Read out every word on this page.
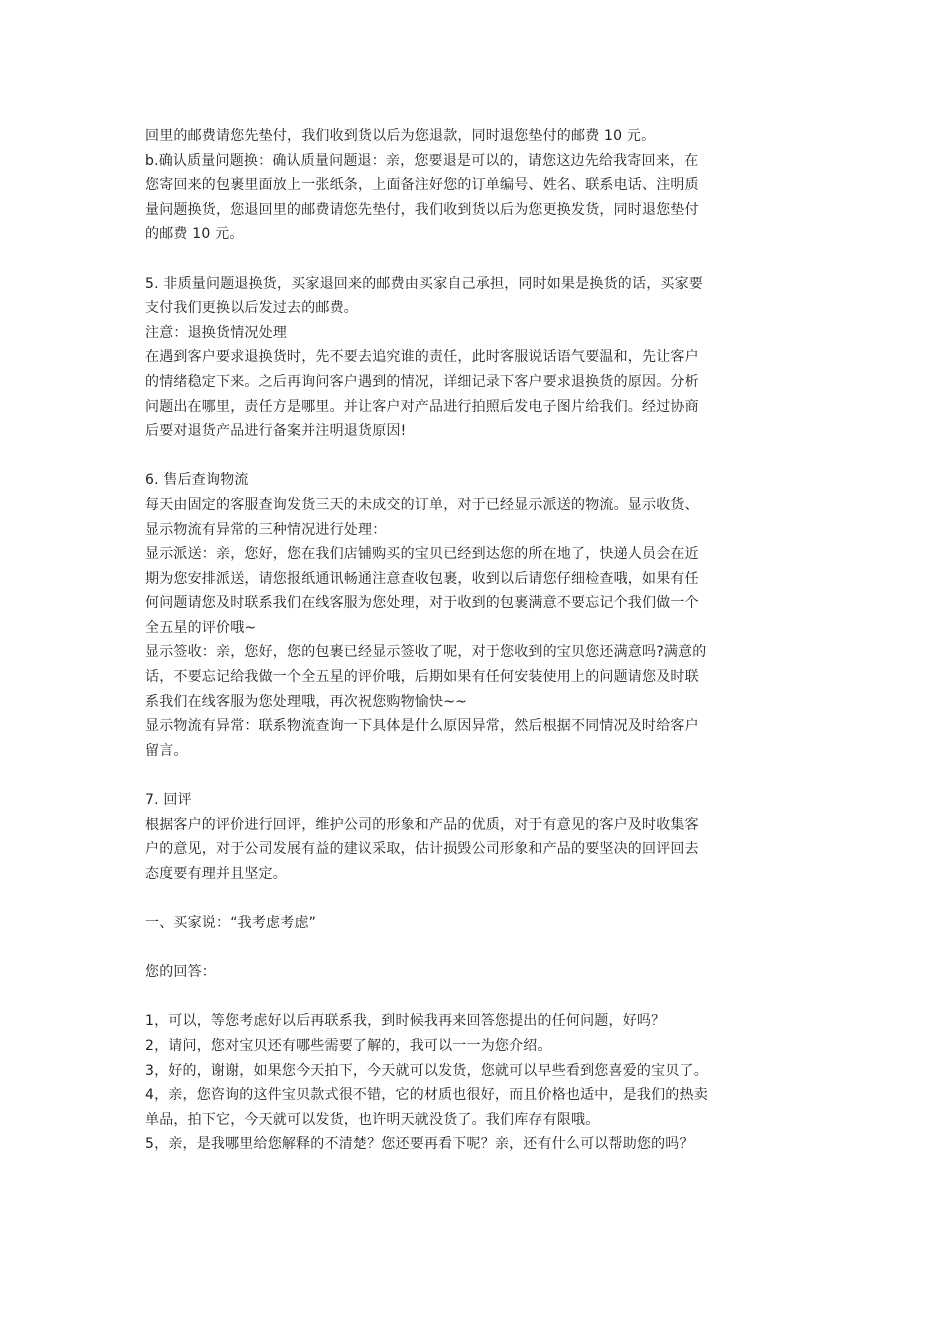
回里的邮费请您先垫付，我们收到货以后为您退款，同时退您垫付的邮费 10 元。
b.确认质量问题换：确认质量问题退：亲，您要退是可以的，请您这边先给我寄回来，在
您寄回来的包裹里面放上一张纸条，上面备注好您的订单编号、姓名、联系电话、注明质
量问题换货，您退回里的邮费请您先垫付，我们收到货以后为您更换发货，同时退您垫付
的邮费 10 元。
5. 非质量问题退换货，买家退回来的邮费由买家自己承担，同时如果是换货的话，买家要
支付我们更换以后发过去的邮费。
注意：退换货情况处理
在遇到客户要求退换货时，先不要去追究谁的责任，此时客服说话语气要温和，先让客户
的情绪稳定下来。之后再询问客户遇到的情况，详细记录下客户要求退换货的原因。分析
问题出在哪里，责任方是哪里。并让客户对产品进行拍照后发电子图片给我们。经过协商
后要对退货产品进行备案并注明退货原因!
6. 售后查询物流
每天由固定的客服查询发货三天的未成交的订单，对于已经显示派送的物流。显示收货、
显示物流有异常的三种情况进行处理：
显示派送：亲，您好，您在我们店铺购买的宝贝已经到达您的所在地了，快递人员会在近
期为您安排派送，请您报纸通讯畅通注意查收包裹，收到以后请您仔细检查哦，如果有任
何问题请您及时联系我们在线客服为您处理，对于收到的包裹满意不要忘记个我们做一个
全五星的评价哦~
显示签收：亲，您好，您的包裹已经显示签收了呢，对于您收到的宝贝您还满意吗?满意的
话，不要忘记给我做一个全五星的评价哦，后期如果有任何安装使用上的问题请您及时联
系我们在线客服为您处理哦，再次祝您购物愉快~~
显示物流有异常：联系物流查询一下具体是什么原因异常，然后根据不同情况及时给客户
留言。
7. 回评
根据客户的评价进行回评，维护公司的形象和产品的优质，对于有意见的客户及时收集客
户的意见，对于公司发展有益的建议采取，估计损毁公司形象和产品的要坚决的回评回去
态度要有理并且坚定。
一、买家说：“我考虑考虑”
您的回答：
1，可以，等您考虑好以后再联系我，到时候我再来回答您提出的任何问题，好吗？
2，请问，您对宝贝还有哪些需要了解的，我可以一一为您介绍。
3，好的，谢谢，如果您今天拍下，今天就可以发货，您就可以早些看到您喜爱的宝贝了。
4，亲，您咨询的这件宝贝款式很不错，它的材质也很好，而且价格也适中，是我们的热卖
单品，拍下它，今天就可以发货，也许明天就没货了。我们库存有限哦。
5，亲，是我哪里给您解释的不清楚？您还要再看下呢？亲，还有什么可以帮助您的吗？
